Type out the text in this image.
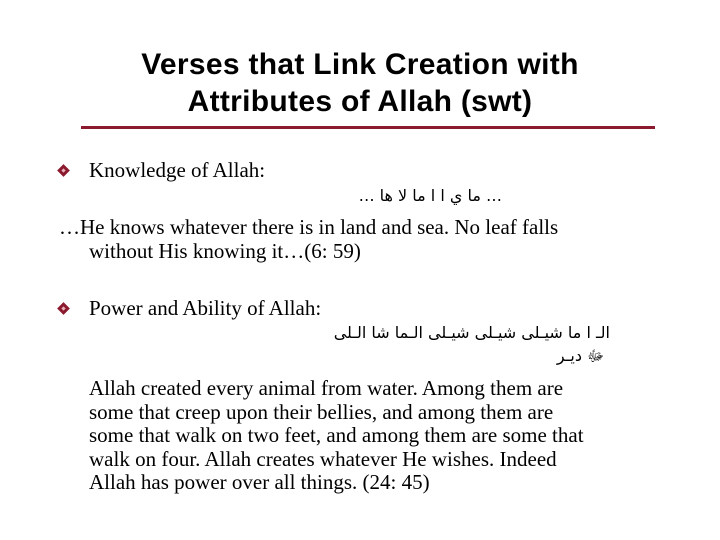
Verses that Link Creation with
Attributes of Allah (swt)
Knowledge of Allah:
… ما ي ا ا ما لا ها …
…He knows whatever there is in land and sea. No leaf falls
without His knowing it…(6: 59)
Power and Ability of Allah:
الـ ا ما شيـلى شيـلى شيـلى الـما شا الـلى
ﷻ ديـر
Allah created every animal from water. Among them are
some that creep upon their bellies, and among them are
some that walk on two feet, and among them are some that
walk on four. Allah creates whatever He wishes. Indeed
Allah has power over all things. (24: 45)
